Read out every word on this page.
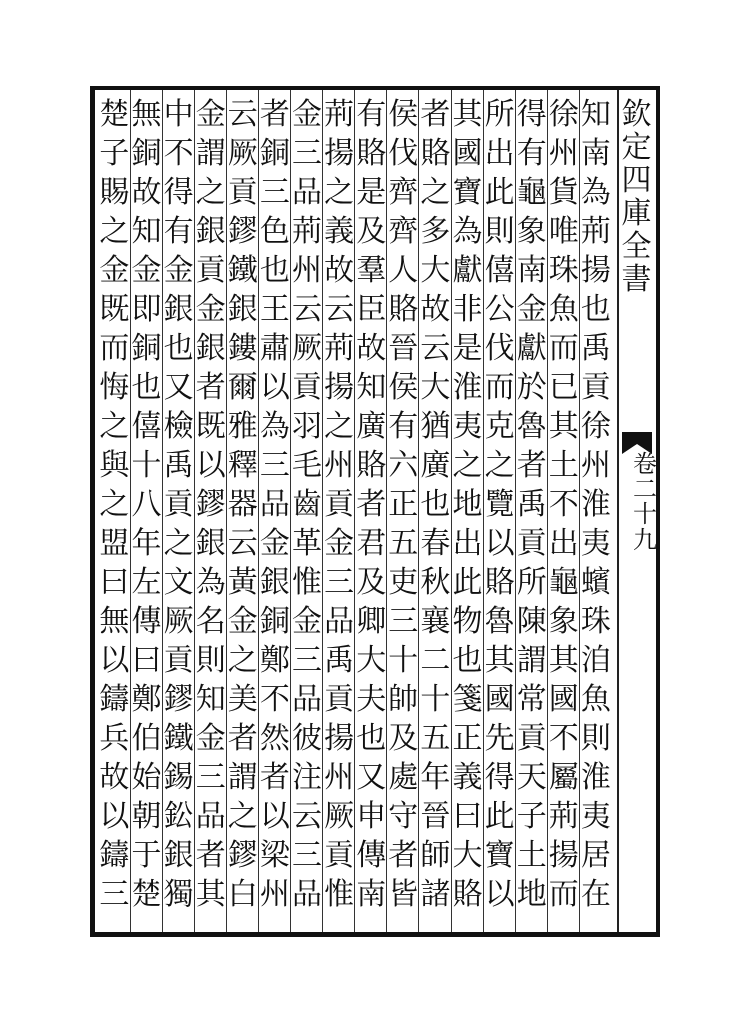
欽
定
四
庫
全
書
卷
二
十
九
知
南
為
荊
揚
也
禹
貢
徐
州
淮
夷
蠙
珠
洎
魚
則
淮
夷
居
在
徐
州
貨
唯
珠
魚
而
已
其
土
不
出
龜
象
其
國
不
屬
荊
揚
而
得
有
龜
象
南
金
獻
於
魯
者
禹
貢
所
陳
謂
常
貢
天
子
土
地
所
出
此
則
僖
公
伐
而
克
之
覽
以
賂
魯
其
國
先
得
此
寶
以
其
國
寶
為
獻
非
是
淮
夷
之
地
出
此
物
也
箋
正
義
曰
大
賂
者
賂
之
多
大
故
云
大
猶
廣
也
春
秋
襄
二
十
五
年
晉
師
諸
侯
伐
齊
齊
人
賂
晉
侯
有
六
正
五
吏
三
十
帥
及
處
守
者
皆
有
賂
是
及
羣
臣
故
知
廣
賂
者
君
及
卿
大
夫
也
又
申
傳
南
荊
揚
之
義
故
云
荊
揚
之
州
貢
金
三
品
禹
貢
揚
州
厥
貢
惟
金
三
品
荊
州
云
厥
貢
羽
毛
齒
革
惟
金
三
品
彼
注
云
三
品
者
銅
三
色
也
王
肅
以
為
三
品
金
銀
銅
鄭
不
然
者
以
梁
州
云
厥
貢
鏐
鐵
銀
鏤
爾
雅
釋
器
云
黃
金
之
美
者
謂
之
鏐
白
金
謂
之
銀
貢
金
銀
者
既
以
鏐
銀
為
名
則
知
金
三
品
者
其
中
不
得
有
金
銀
也
又
檢
禹
貢
之
文
厥
貢
鏐
鐵
錫
鈆
銀
獨
無
銅
故
知
金
即
銅
也
僖
十
八
年
左
傳
曰
鄭
伯
始
朝
于
楚
楚
子
賜
之
金
既
而
悔
之
與
之
盟
曰
無
以
鑄
兵
故
以
鑄
三
